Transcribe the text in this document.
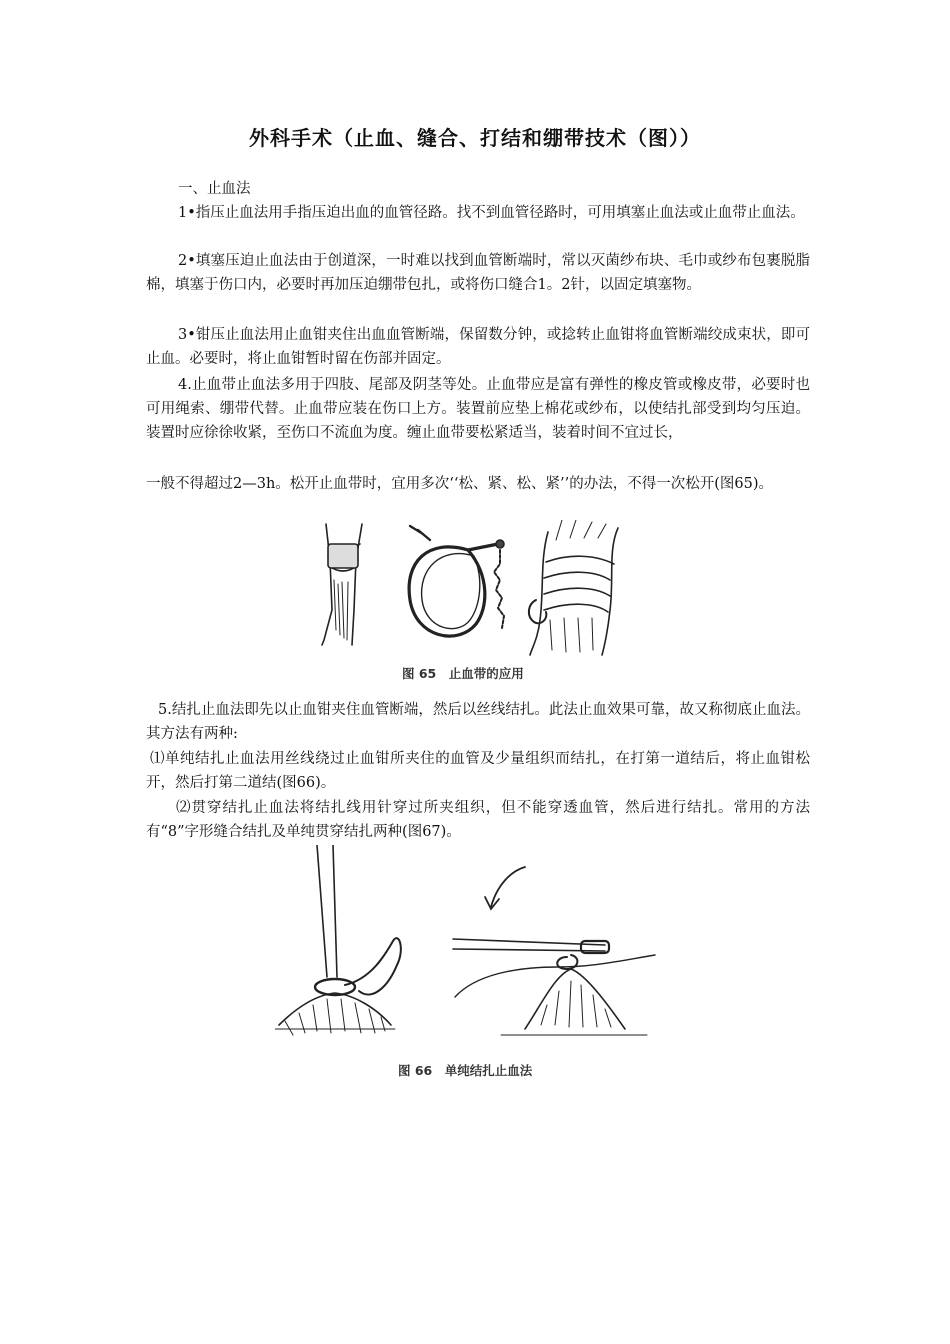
外科手术（止血、缝合、打结和绷带技术（图））
一、止血法
1•指压止血法用手指压迫出血的血管径路。找不到血管径路时，可用填塞止血法或止血带止血法。
2•填塞压迫止血法由于创道深，一时难以找到血管断端时，常以灭菌纱布块、毛巾或纱布包裹脱脂棉，填塞于伤口内，必要时再加压迫绷带包扎，或将伤口缝合1。2针，以固定填塞物。
3•钳压止血法用止血钳夹住出血血管断端，保留数分钟，或捻转止血钳将血管断端绞成束状，即可止血。必要时，将止血钳暂时留在伤部并固定。
4.止血带止血法多用于四肢、尾部及阴茎等处。止血带应是富有弹性的橡皮管或橡皮带，必要时也可用绳索、绷带代替。止血带应装在伤口上方。装置前应垫上棉花或纱布，以使结扎部受到均匀压迫。装置时应徐徐收紧，至伤口不流血为度。缠止血带要松紧适当，装着时间不宜过长，
一般不得超过2—3h。松开止血带时，宜用多次‘‘松、紧、松、紧’’的办法，不得一次松开(图65)。
图 65　止血带的应用
5.结扎止血法即先以止血钳夹住血管断端，然后以丝线结扎。此法止血效果可靠，故又称彻底止血法。其方法有两种:
⑴单纯结扎止血法用丝线绕过止血钳所夹住的血管及少量组织而结扎，在打第一道结后，将止血钳松开，然后打第二道结(图66)。
⑵贯穿结扎止血法将结扎线用针穿过所夹组织，但不能穿透血管，然后进行结扎。常用的方法有“8”字形缝合结扎及单纯贯穿结扎两种(图67)。
图 66　单纯结扎止血法
